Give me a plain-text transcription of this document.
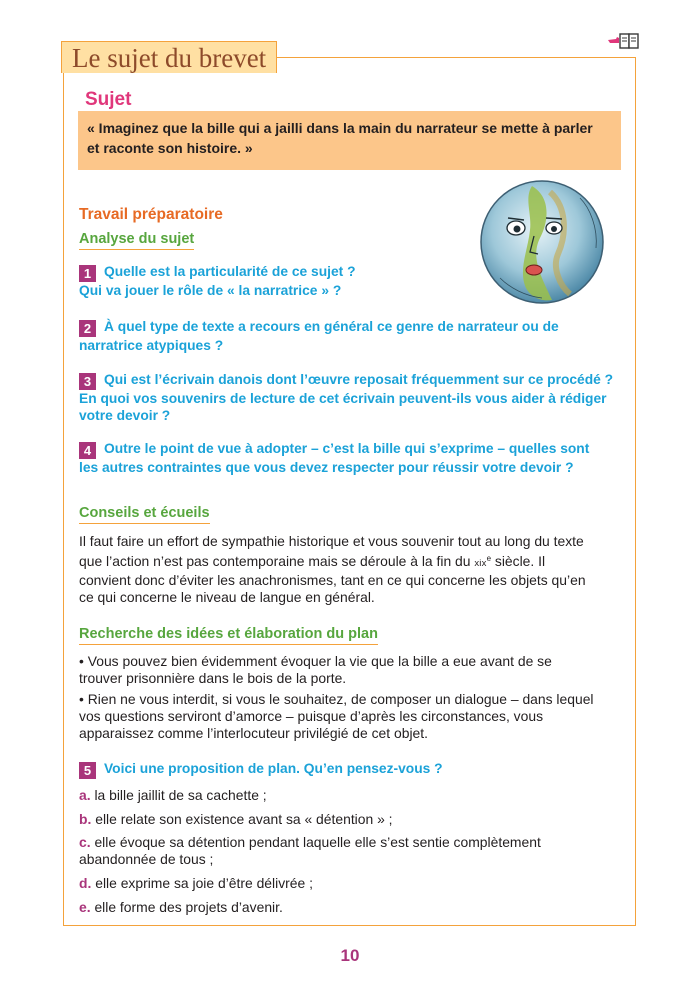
Le sujet du brevet
Sujet
« Imaginez que la bille qui a jailli dans la main du narrateur se mette à parler
et raconte son histoire. »
Travail préparatoire
Analyse du sujet
1 Quelle est la particularité de ce sujet ?
Qui va jouer le rôle de « la narratrice » ?
2 À quel type de texte a recours en général ce genre de narrateur ou de
narratrice atypiques ?
3 Qui est l’écrivain danois dont l’œuvre reposait fréquemment sur ce procédé ?
En quoi vos souvenirs de lecture de cet écrivain peuvent-ils vous aider à rédiger
votre devoir ?
4 Outre le point de vue à adopter – c’est la bille qui s’exprime – quelles sont
les autres contraintes que vous devez respecter pour réussir votre devoir ?
Conseils et écueils
Il faut faire un effort de sympathie historique et vous souvenir tout au long du texte
que l’action n’est pas contemporaine mais se déroule à la fin du xix$^e$ siècle. Il
convient donc d’éviter les anachronismes, tant en ce qui concerne les objets qu’en
ce qui concerne le niveau de langue en général.
Recherche des idées et élaboration du plan
• Vous pouvez bien évidemment évoquer la vie que la bille a eue avant de se
trouver prisonnière dans le bois de la porte.
• Rien ne vous interdit, si vous le souhaitez, de composer un dialogue – dans lequel
vos questions serviront d’amorce – puisque d’après les circonstances, vous
apparaissez comme l’interlocuteur privilégié de cet objet.
5 Voici une proposition de plan. Qu’en pensez-vous ?
a. la bille jaillit de sa cachette ;
b. elle relate son existence avant sa « détention » ;
c. elle évoque sa détention pendant laquelle elle s’est sentie complètement
abandonnée de tous ;
d. elle exprime sa joie d’être délivrée ;
e. elle forme des projets d’avenir.
10
